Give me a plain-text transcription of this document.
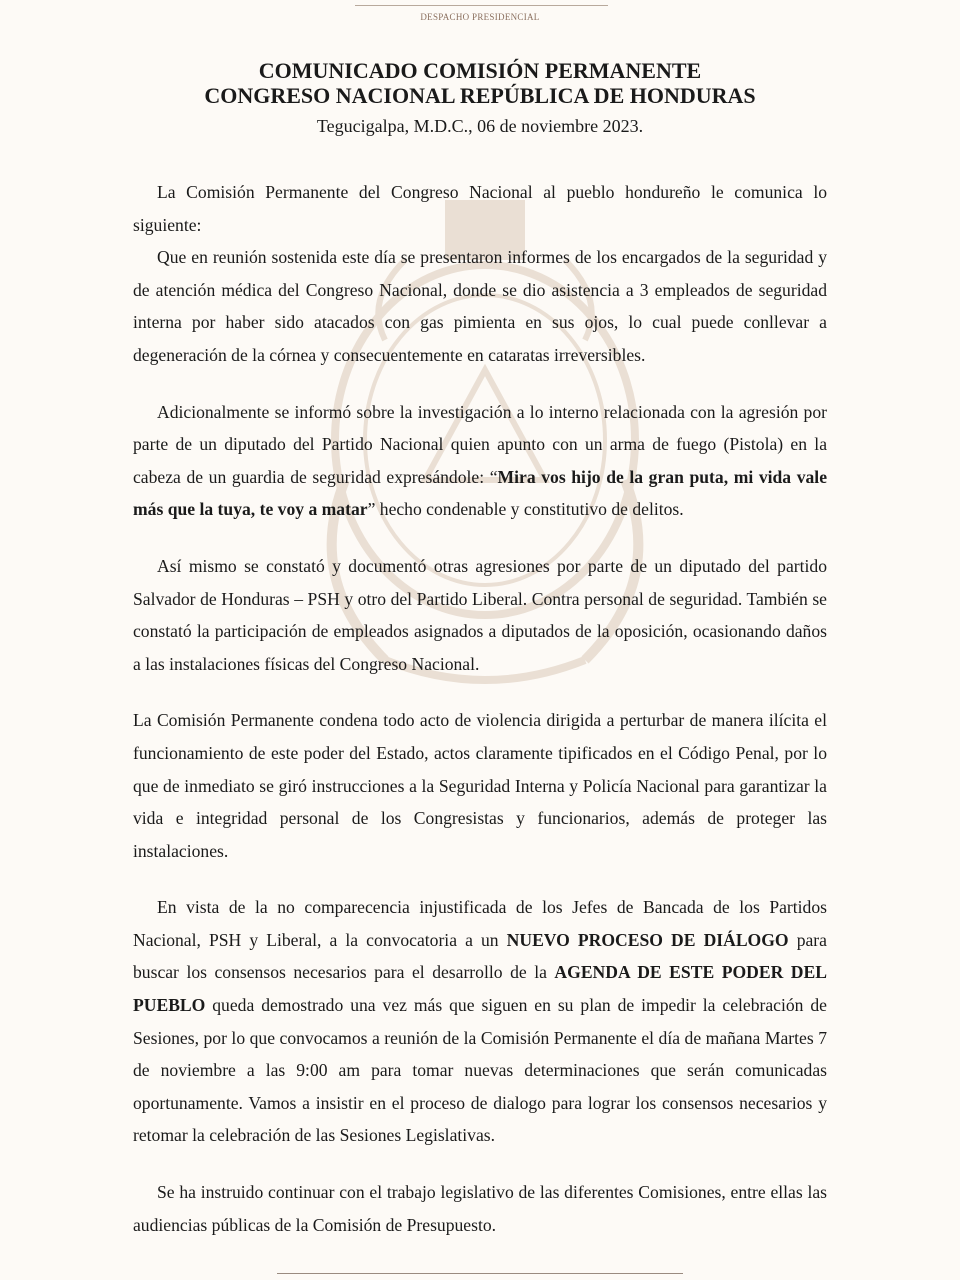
DESPACHO PRESIDENCIAL
COMUNICADO COMISIÓN PERMANENTE
CONGRESO NACIONAL REPÚBLICA DE HONDURAS
Tegucigalpa, M.D.C., 06 de noviembre 2023.

La Comisión Permanente del Congreso Nacional al pueblo hondureño le comunica lo siguiente:

Que en reunión sostenida este día se presentaron informes de los encargados de la seguridad y de atención médica del Congreso Nacional, donde se dio asistencia a 3 empleados de seguridad interna por haber sido atacados con gas pimienta en sus ojos, lo cual puede conllevar a degeneración de la córnea y consecuentemente en cataratas irreversibles.

Adicionalmente se informó sobre la investigación a lo interno relacionada con la agresión por parte de un diputado del Partido Nacional quien apunto con un arma de fuego (Pistola) en la cabeza de un guardia de seguridad expresándole: “Mira vos hijo de la gran puta, mi vida vale más que la tuya, te voy a matar” hecho condenable y constitutivo de delitos.

Así mismo se constató y documentó otras agresiones por parte de un diputado del partido Salvador de Honduras – PSH y otro del Partido Liberal. Contra personal de seguridad. También se constató la participación de empleados asignados a diputados de la oposición, ocasionando daños a las instalaciones físicas del Congreso Nacional.

La Comisión Permanente condena todo acto de violencia dirigida a perturbar de manera ilícita el funcionamiento de este poder del Estado, actos claramente tipificados en el Código Penal, por lo que de inmediato se giró instrucciones a la Seguridad Interna y Policía Nacional para garantizar la vida e integridad personal de los Congresistas y funcionarios, además de proteger las instalaciones.

En vista de la no comparecencia injustificada de los Jefes de Bancada de los Partidos Nacional, PSH y Liberal, a la convocatoria a un NUEVO PROCESO DE DIÁLOGO para buscar los consensos necesarios para el desarrollo de la AGENDA DE ESTE PODER DEL PUEBLO queda demostrado una vez más que siguen en su plan de impedir la celebración de Sesiones, por lo que convocamos a reunión de la Comisión Permanente el día de mañana Martes 7 de noviembre a las 9:00 am para tomar nuevas determinaciones que serán comunicadas oportunamente. Vamos a insistir en el proceso de dialogo para lograr los consensos necesarios y retomar la celebración de las Sesiones Legislativas.

Se ha instruido continuar con el trabajo legislativo de las diferentes Comisiones, entre ellas las audiencias públicas de la Comisión de Presupuesto.
